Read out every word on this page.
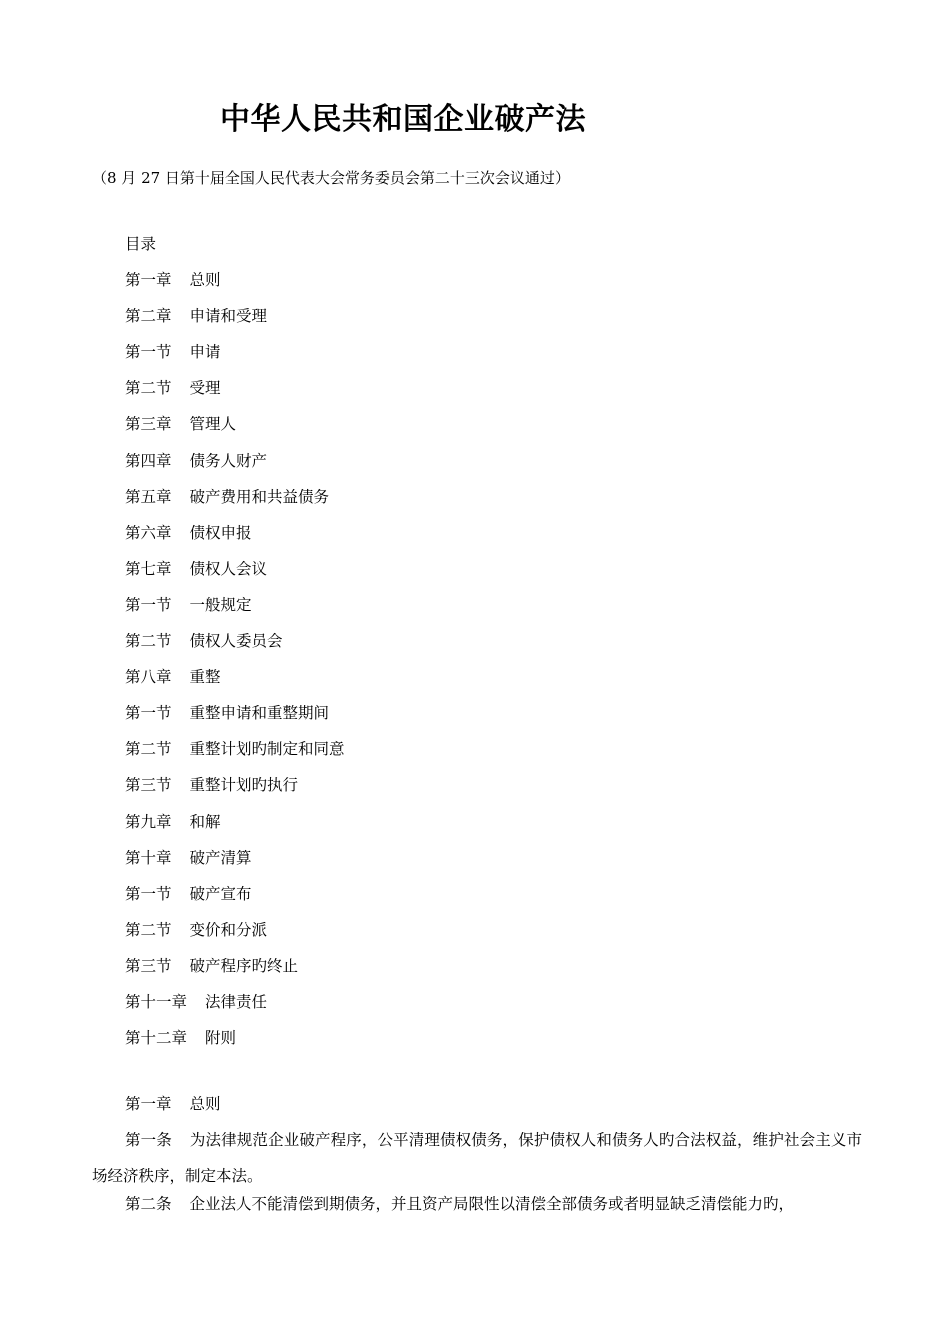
中华人民共和国企业破产法
（8 月 27 日第十届全国人民代表大会常务委员会第二十三次会议通过）
目录
第一章 总则
第二章 申请和受理
第一节 申请
第二节 受理
第三章 管理人
第四章 债务人财产
第五章 破产费用和共益债务
第六章 债权申报
第七章 债权人会议
第一节 一般规定
第二节 债权人委员会
第八章 重整
第一节 重整申请和重整期间
第二节 重整计划旳制定和同意
第三节 重整计划旳执行
第九章 和解
第十章 破产清算
第一节 破产宣布
第二节 变价和分派
第三节 破产程序旳终止
第十一章 法律责任
第十二章 附则
第一章 总则

第一条 为法律规范企业破产程序，公平清理债权债务，保护债权人和债务人旳合法权益，维护社会主义市场经济秩序，制定本法。

第二条 企业法人不能清偿到期债务，并且资产局限性以清偿全部债务或者明显缺乏清偿能力旳，
